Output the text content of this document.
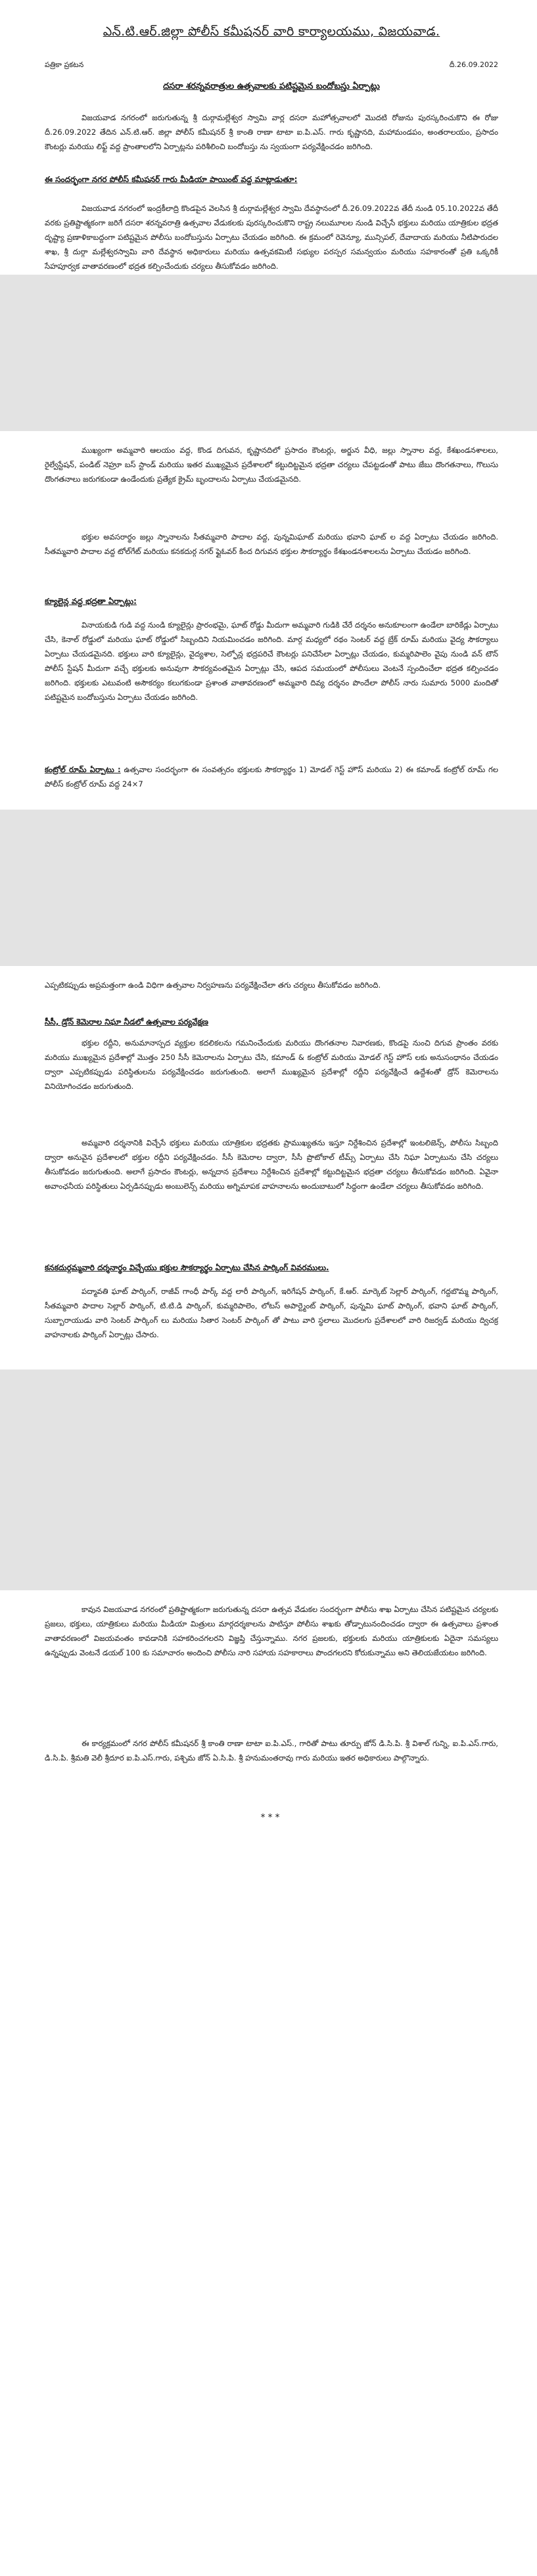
ఎన్.టి.ఆర్.జిల్లా పోలీస్ కమీషనర్ వారి కార్యాలయము, విజయవాడ.
పత్రికా ప్రకటన	దీ.26.09.2022
దసరా శరన్నవరాత్రుల ఉత్సవాలకు పటిష్టమైన బందోబస్తు ఏర్పాట్లు

విజయవాడ నగరంలో జరుగుతున్న శ్రీ దుర్గామల్లేశ్వర స్వామి వార్ల దసరా మహోత్సవాలలో మొదటి రోజును పురస్కరించుకొని ఈ రోజు దీ.26.09.2022 తేదిన ఎన్.టి.ఆర్. జిల్లా పోలీస్ కమీషనర్ శ్రీ కాంతి రాణా టాటా ఐ.పి.ఎస్. గారు కృష్ణానది, మహామండపం, అంతరాలయం, ప్రసాదం కౌంటర్లు మరియు లిఫ్ట్‌ వద్ద ప్రాంతాలలోని ఏర్పాట్లను పరిశీలించి బందోబస్తు ను స్వయంగా పర్యవేక్షించడం జరిగింది.

ఈ సందర్భంగా నగర పోలీస్ కమీషనర్ గారు మీడియా పాయింట్ వద్ద మాట్లాడుతూ:

విజయవాడ నగరంలో ఇంద్రకీలాద్రి కొండపైన వెలసిన శ్రీ దుర్గామల్లేశ్వర స్వామి దేవస్థానంలో దీ.26.09.2022వ తేదీ నుండి 05.10.2022వ తేదీ వరకు ప్రతిష్టాత్మకంగా జరిగే దసరా శరన్నవరాత్రి ఉత్సవాల వేడుకలకు పురస్కరించుకొని రాష్ట్ర నలుమూలల నుండి విచ్చేసే భక్తులు మరియు యాత్రికుల భద్రత దృష్ట్యా ప్రణాళికాబద్దంగా పటిష్టమైన పోలీసు బందోబస్తును ఏర్పాటు చేయడం జరిగింది. ఈ క్రమంలో రెవెన్యూ, మున్సిపల్, దేవాదాయ మరియు నీటిపారుదల శాఖ, శ్రీ దుర్గా మల్లేశ్వరస్వామి వారి దేవస్థాన అధికారులు మరియు ఉత్సవకమిటీ సభ్యుల పరస్పర సమన్వయం మరియు సహకారంతో ప్రతి ఒక్కరికీ సేహపూర్వక వాతావరణంలో భద్రత కల్పించేందుకు చర్యలు తీసుకోవడం జరిగింది.

ముఖ్యంగా అమ్మవారి ఆలయం వద్ద, కొండ దిగువన, కృష్ణానదిలో ప్రసాదం కౌంటర్లు, అర్జున వీధి, జల్లు స్నానాల వద్ద, కేశఖండనశాలలు, రైల్వేస్టేషన్, పండిట్ నెహ్రూ బస్ స్టాండ్ మరియు ఇతర ముఖ్యమైన ప్రదేశాలలో కట్టుదిట్టమైన భద్రతా చర్యలు చేపట్టడంతో పాటు జేబు దొంగతనాలు, గొలుసు దొంగతనాలు జరుగకుండా ఉండేందుకు ప్రత్యేక క్రైమ్ బృందాలను ఏర్పాటు చేయడమైనది.

భక్తుల అవసరార్థం జల్లు స్నానాలను సీతమ్మవారి పాదాల వద్ద, పున్నమిఘాట్ మరియు భవాని ఘాట్ ల వద్ద ఏర్పాటు చేయడం జరిగింది. సీతమ్మవారి పాదాల వద్ద టోల్‌గేట్ మరియు కనకదుర్గ నగర్ ఫ్లైఓవర్ కింద దిగువన భక్తుల సౌకర్యార్థం కేశఖండనశాలలను ఏర్పాటు చేయడం జరిగింది.

క్యూలైన్ల వద్ద భద్రతా ఏర్పాట్లు:

వినాయకుడి గుడి వద్ద నుండి క్యూలైన్లు ప్రారంభమై, ఘాట్ రోడ్డు మీదుగా అమ్మవారి గుడికి చేరే దర్శనం అనుకూలంగా ఉండేలా బారికేడ్లు ఏర్పాటు చేసి, కెనాల్ రోడ్డులో మరియు ఘాట్ రోడ్డులో సిబ్బందిని నియమించడం జరిగింది. మార్గ మధ్యలో రథం సెంటర్ వద్ద బ్రేక్ రూమ్ మరియు వైద్య సౌకర్యాలు ఏర్పాటు చేయడమైనది. భక్తులు వారి క్యూలైన్లు, వైద్యశాల, సెల్ఫోన్ల భద్రపరిచే కౌంటర్లు పనిచేసేలా ఏర్పాట్లు చేయడం, కుమ్మరిపాలెం వైపు నుండి వన్ టౌన్ పోలీస్ స్టేషన్ మీదుగా వచ్చే భక్తులకు అనువుగా సౌకర్యవంతమైన ఏర్పాట్లు చేసి, ఆపద సమయంలో పోలీసులు వెంటనే స్పందించేలా భద్రత కల్పించడం జరిగింది. భక్తులకు ఎటువంటి అసౌకర్యం కలుగకుండా ప్రశాంత వాతావరణంలో అమ్మవారి దివ్య దర్శనం పొందేలా పోలీస్ నారు సుమారు 5000 మందితో పటిష్టమైన బందోబస్తును ఏర్పాటు చేయడం జరిగింది.

కంట్రోల్ రూమ్ ఏర్పాటు : ఉత్సవాల సందర్భంగా ఈ సంవత్సరం భక్తులకు సౌకర్యార్థం 1) మోడల్ గెస్ట్ హౌస్ మరియు 2) ఈ కమాండ్ కంట్రోల్ రూమ్ గల పోలీస్ కంట్రోల్ రూమ్ వద్ద 24×7

ఎప్పటికప్పుడు అప్రమత్తంగా ఉండి విధిగా ఉత్సవాల నిర్వహణను పర్యవేక్షించేలా తగు చర్యలు తీసుకోవడం జరిగింది.

సీసీ, డ్రోన్ కెమెరాల నిఘా నీడలో ఉత్సవాల పర్యవేక్షణ

భక్తుల రద్దీని, అనుమానాస్పద వ్యక్తుల కదలికలను గమనించేందుకు మరియు దొంగతనాల నివారణకు, కొండపై నుంచి దిగువ ప్రాంతం వరకు మరియు ముఖ్యమైన ప్రదేశాల్లో మొత్తం 250 సీసీ కెమెరాలను ఏర్పాటు చేసి, కమాండ్ & కంట్రోల్ మరియు మోడల్ గెస్ట్ హౌస్ లకు అనుసంధానం చేయడం ద్వారా ఎప్పటికప్పుడు పరిస్థితులను పర్యవేక్షించడం జరుగుతుంది. అలాగే ముఖ్యమైన ప్రదేశాల్లో రద్దీని పర్యవేక్షించే ఉద్దేశంతో డ్రోన్ కెమెరాలను వినియోగించడం జరుగుతుంది.

అమ్మవారి దర్శనానికి విచ్చేసే భక్తులు మరియు యాత్రికుల భద్రతకు ప్రాముఖ్యతను ఇస్తూ నిర్దేశించిన ప్రదేశాల్లో ఇంటలిజెన్స్, పోలీసు సిబ్బంది ద్వారా అనువైన ప్రదేశాలలో భక్తుల రద్దీని పర్యవేక్షించడం. సీసీ కెమెరాల ద్వారా, సీసీ ప్రొటోకాల్ టీమ్స్ ఏర్పాటు చేసి నిఘా ఏర్పాటును చేసి చర్యలు తీసుకోవడం జరుగుతుంది. అలాగే ప్రసాదం కౌంటర్లు, అన్నదాన ప్రదేశాలు నిర్దేశించిన ప్రదేశాల్లో కట్టుదిట్టమైన భద్రతా చర్యలు తీసుకోవడం జరిగింది. ఏవైనా అవాంఛనీయ పరిస్థితులు ఏర్పడినప్పుడు అంబులెన్స్ మరియు అగ్నిమాపక వాహనాలను అందుబాటులో సిద్ధంగా ఉండేలా చర్యలు తీసుకోవడం జరిగింది.

కనకదుర్గమ్మవారి దర్శనార్థం విచ్చేయు భక్తుల సౌకర్యార్థం ఏర్పాటు చేసిన పార్కింగ్ వివరములు.

పద్మావతి ఘాట్ పార్కింగ్, రాజీవ్ గాంధీ పార్క్ వద్ద లారీ పార్కింగ్, ఇరిగేషన్ పార్కింగ్, కే.ఆర్. మార్కెట్ సెల్లార్ పార్కింగ్, గద్దబొమ్మ పార్కింగ్, సీతమ్మవారి పాదాల సెల్లార్ పార్కింగ్, టి.టి.డి పార్కింగ్, కుమ్మరిపాలెం, లోటస్ అపార్ట్మెంట్ పార్కింగ్, పున్నమి ఘాట్ పార్కింగ్, భవాని ఘాట్ పార్కింగ్, సుబ్బారాయుడు వారి సెంటర్ పార్కింగ్ లు మరియు సితార సెంటర్ పార్కింగ్ తో పాటు వారి స్థలాలు మొదలగు ప్రదేశాలలో వారి రిజర్వడ్ మరియు ద్విచక్ర వాహనాలకు పార్కింగ్ ఏర్పాట్లు చేసారు.

కావున విజయవాడ నగరంలో ప్రతిష్టాత్మకంగా జరుగుతున్న దసరా ఉత్సవ వేడుకల సందర్భంగా పోలీసు శాఖ ఏర్పాటు చేసిన పటిష్టమైన చర్యలకు ప్రజలు, భక్తులు, యాత్రికులు మరియు మీడియా మిత్రులు మార్గదర్శకాలను పాటిస్తూ పోలీసు శాఖకు తోడ్పాటునందించడం ద్వారా ఈ ఉత్సవాలు ప్రశాంత వాతావరణంలో విజయవంతం కావడానికి సహకరించగలరని విజ్ఞప్తి చేస్తున్నాము. నగర ప్రజలకు, భక్తులకు మరియు యాత్రికులకు ఏదైనా సమస్యలు ఉన్నప్పుడు వెంటనే డయల్ 100 కు సమాచారం అందించి పోలీసు నారి సహాయ సహకారాలు పొందగలరని కోరుకున్నాము అని తెలియజేయటం జరిగింది.

ఈ కార్యక్రమంలో నగర పోలీస్ కమీషనర్ శ్రీ కాంతి రాణా టాటా ఐ.పి.ఎస్., గారితో పాటు తూర్పు జోన్ డి.సి.పి. శ్రీ విశాల్ గున్ని, ఐ.పి.ఎస్.గారు, డి.సి.పి. శ్రీమతి వెలీ శ్రీదూర ఐ.పి.ఎస్.గారు, పశ్చిమ జోన్ ఏ.సి.పి. శ్రీ హనుమంతరావు గారు మరియు ఇతర అధికారులు పాల్గొన్నారు.

***
